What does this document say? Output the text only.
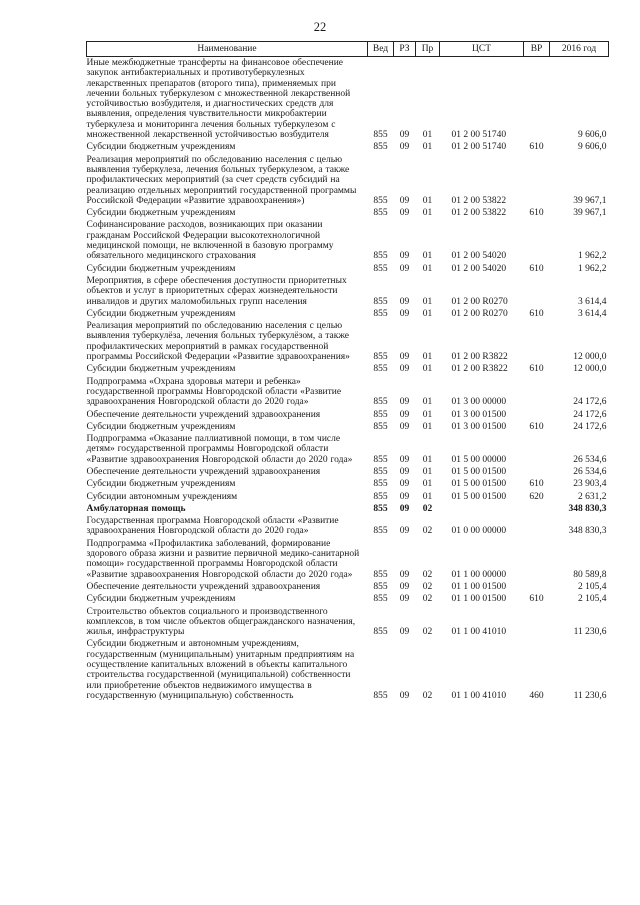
22
Наименование	Вед	РЗ	Пр	ЦСТ	ВР	2016 год
Иные межбюджетные трансферты на финансовое обеспечение закупок антибактериальных и противотуберкулезных лекарственных препаратов (второго типа), применяемых при лечении больных туберкулезом с множественной лекарственной устойчивостью возбудителя, и диагностических средств для выявления, определения чувствительности микробактерии туберкулеза и мониторинга лечения больных туберкулезом с множественной лекарственной устойчивостью возбудителя	855	09	01	01 2 00 51740		9 606,0
Субсидии бюджетным учреждениям	855	09	01	01 2 00 51740	610	9 606,0
Реализация мероприятий по обследованию населения с целью выявления туберкулеза, лечения больных туберкулезом, а также профилактических мероприятий (за счет средств субсидий на реализацию отдельных мероприятий государственной программы Российской Федерации «Развитие здравоохранения»)	855	09	01	01 2 00 53822		39 967,1
Субсидии бюджетным учреждениям	855	09	01	01 2 00 53822	610	39 967,1
Софинансирование расходов, возникающих при оказании гражданам Российской Федерации высокотехнологичной медицинской помощи, не включенной в базовую программу обязательного медицинского страхования	855	09	01	01 2 00 54020		1 962,2
Субсидии бюджетным учреждениям	855	09	01	01 2 00 54020	610	1 962,2
Мероприятия, в сфере обеспечения доступности приоритетных объектов и услуг в приоритетных сферах жизнедеятельности инвалидов и других маломобильных групп населения	855	09	01	01 2 00 R0270		3 614,4
Субсидии бюджетным учреждениям	855	09	01	01 2 00 R0270	610	3 614,4
Реализация мероприятий по обследованию населения с целью выявления туберкулёза, лечения больных туберкулёзом, а также профилактических мероприятий в рамках государственной программы Российской Федерации «Развитие здравоохранения»	855	09	01	01 2 00 R3822		12 000,0
Субсидии бюджетным учреждениям	855	09	01	01 2 00 R3822	610	12 000,0
Подпрограмма «Охрана здоровья матери и ребенка» государственной программы Новгородской области «Развитие здравоохранения Новгородской области до 2020 года»	855	09	01	01 3 00 00000		24 172,6
Обеспечение деятельности учреждений здравоохранения	855	09	01	01 3 00 01500		24 172,6
Субсидии бюджетным учреждениям	855	09	01	01 3 00 01500	610	24 172,6
Подпрограмма «Оказание паллиативной помощи, в том числе детям» государственной программы Новгородской области «Развитие здравоохранения Новгородской области до 2020 года»	855	09	01	01 5 00 00000		26 534,6
Обеспечение деятельности учреждений здравоохранения	855	09	01	01 5 00 01500		26 534,6
Субсидии бюджетным учреждениям	855	09	01	01 5 00 01500	610	23 903,4
Субсидии автономным учреждениям	855	09	01	01 5 00 01500	620	2 631,2
Амбулаторная помощь	855	09	02			348 830,3
Государственная программа Новгородской области «Развитие здравоохранения Новгородской области до 2020 года»	855	09	02	01 0 00 00000		348 830,3
Подпрограмма «Профилактика заболеваний, формирование здорового образа жизни и развитие первичной медико-санитарной помощи» государственной программы Новгородской области «Развитие здравоохранения Новгородской области до 2020 года»	855	09	02	01 1 00 00000		80 589,8
Обеспечение деятельности учреждений здравоохранения	855	09	02	01 1 00 01500		2 105,4
Субсидии бюджетным учреждениям	855	09	02	01 1 00 01500	610	2 105,4
Строительство объектов социального и производственного комплексов, в том числе объектов общегражданского назначения, жилья, инфраструктуры	855	09	02	01 1 00 41010		11 230,6
Субсидии бюджетным и автономным учреждениям, государственным (муниципальным) унитарным предприятиям на осуществление капитальных вложений в объекты капитального строительства государственной (муниципальной) собственности или приобретение объектов недвижимого имущества в государственную (муниципальную) собственность	855	09	02	01 1 00 41010	460	11 230,6
